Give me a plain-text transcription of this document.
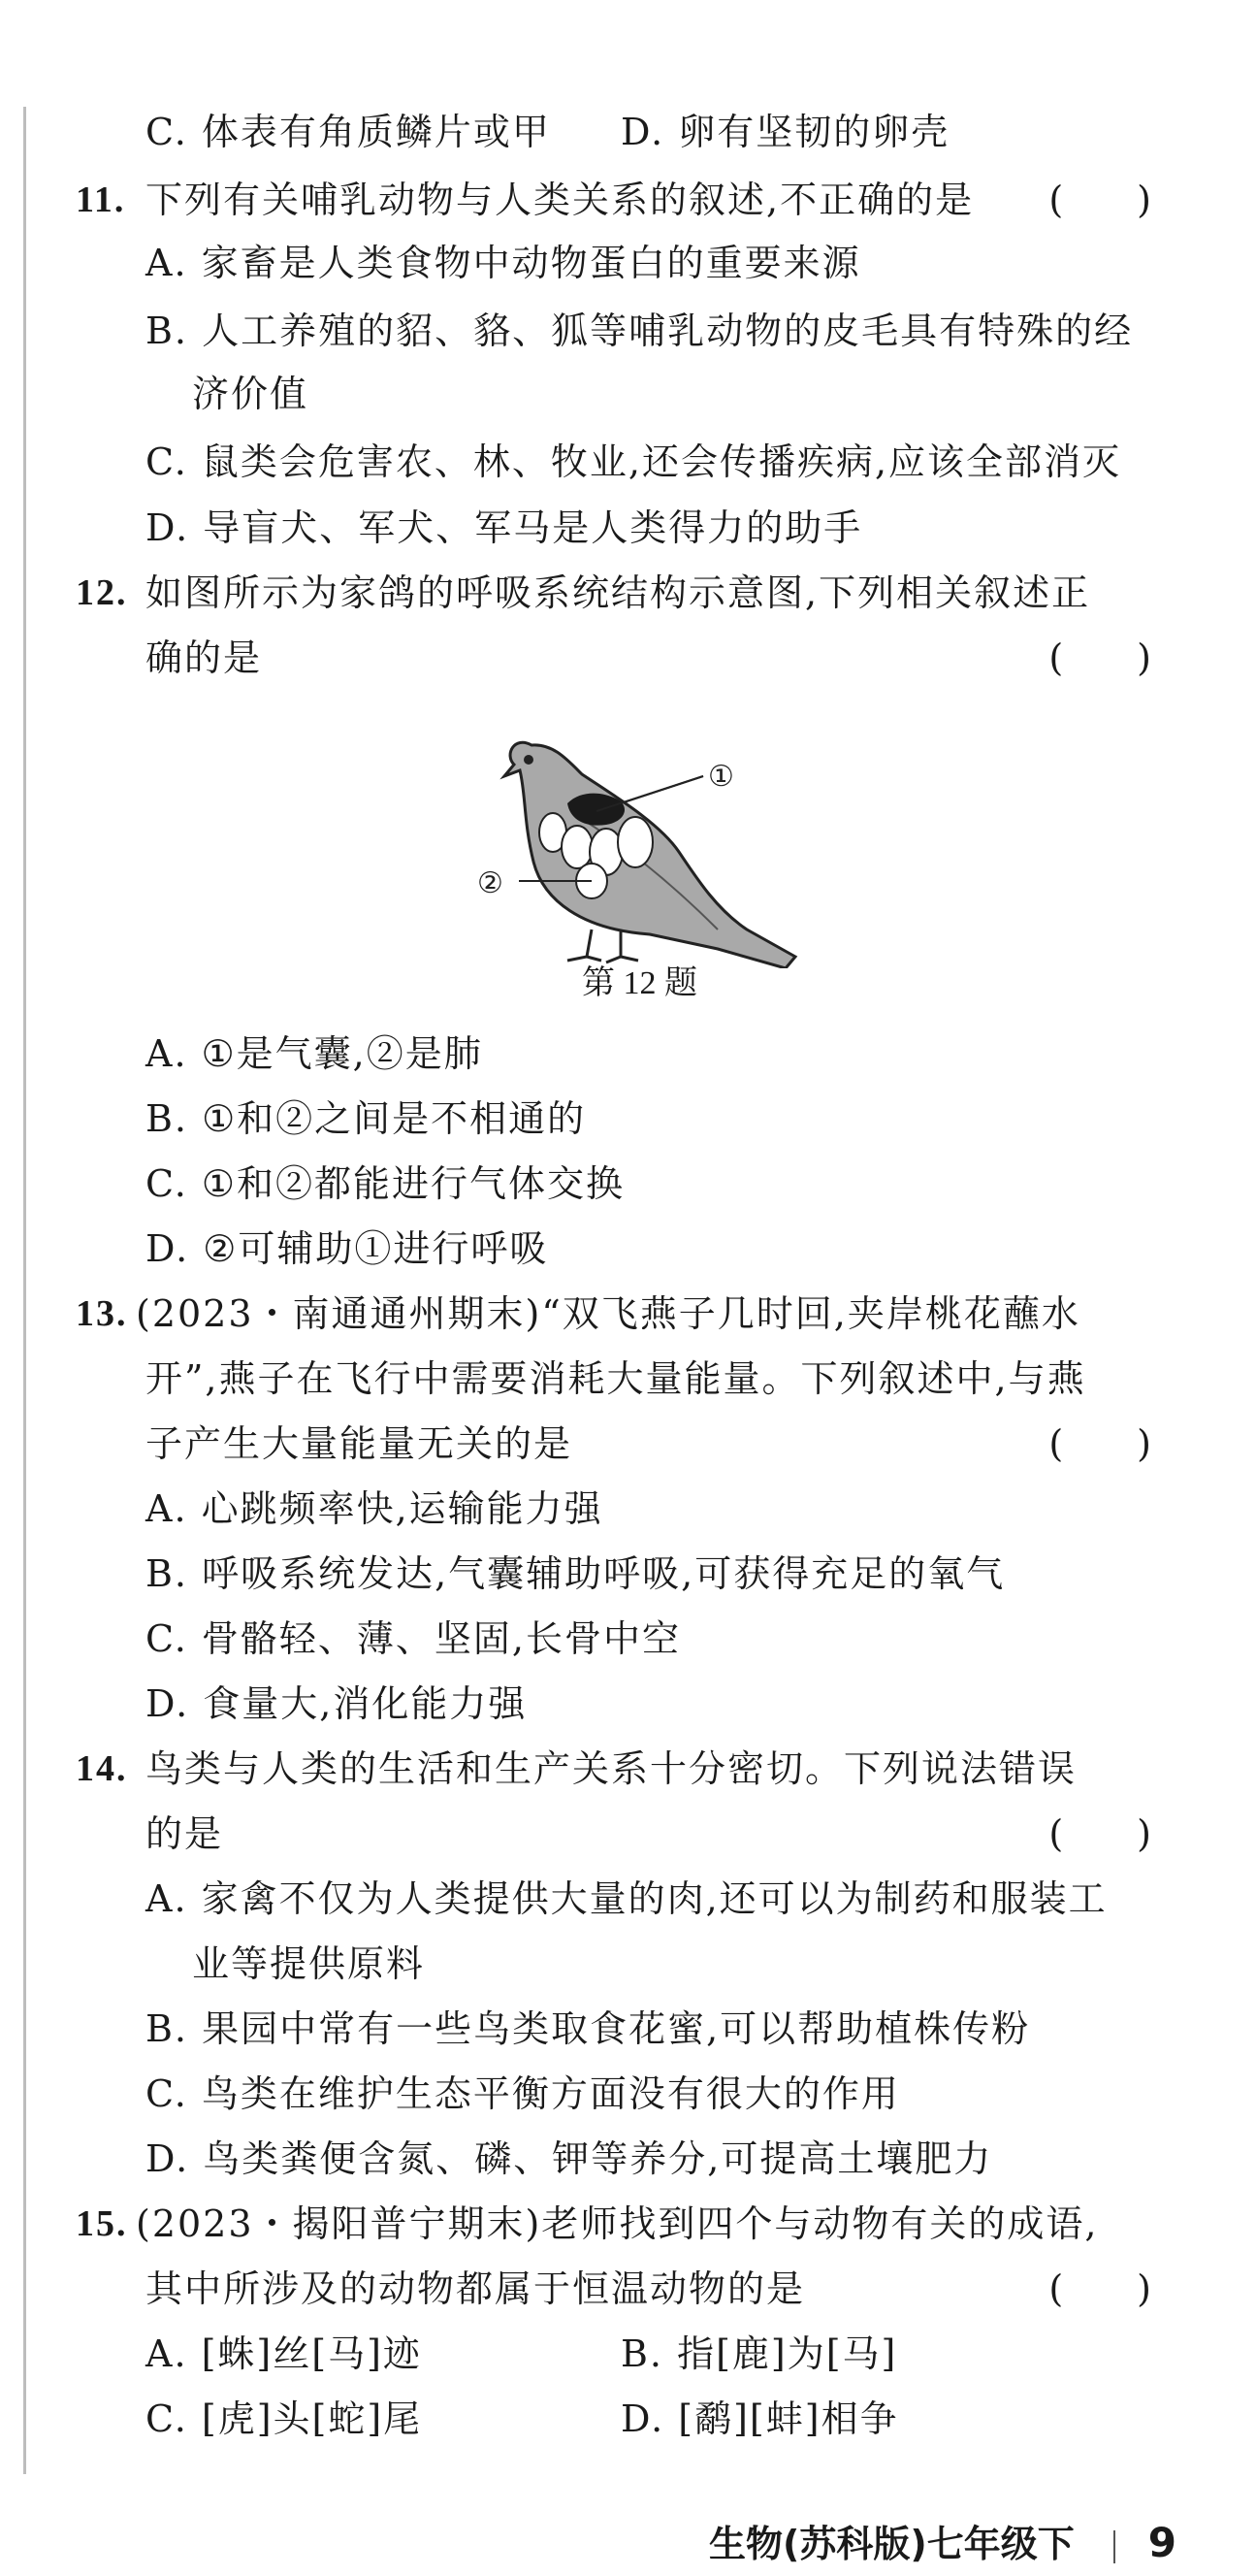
C. 体表有角质鳞片或甲 D. 卵有坚韧的卵壳
11. 下列有关哺乳动物与人类关系的叙述,不正确的是 (　　)
A. 家畜是人类食物中动物蛋白的重要来源
B. 人工养殖的貂、貉、狐等哺乳动物的皮毛具有特殊的经
济价值
C. 鼠类会危害农、林、牧业,还会传播疾病,应该全部消灭
D. 导盲犬、军犬、军马是人类得力的助手
12. 如图所示为家鸽的呼吸系统结构示意图,下列相关叙述正
确的是	(　　)
①
②
第 12 题
A. ①是气囊,②是肺
B. ①和②之间是不相通的
C. ①和②都能进行气体交换
D. ②可辅助①进行呼吸
13. (2023・南通通州期末)“双飞燕子几时回,夹岸桃花蘸水
开”,燕子在飞行中需要消耗大量能量。下列叙述中,与燕
子产生大量能量无关的是	(　　)
A. 心跳频率快,运输能力强
B. 呼吸系统发达,气囊辅助呼吸,可获得充足的氧气
C. 骨骼轻、薄、坚固,长骨中空
D. 食量大,消化能力强
14. 鸟类与人类的生活和生产关系十分密切。下列说法错误
的是	(　　)
A. 家禽不仅为人类提供大量的肉,还可以为制药和服装工
业等提供原料
B. 果园中常有一些鸟类取食花蜜,可以帮助植株传粉
C. 鸟类在维护生态平衡方面没有很大的作用
D. 鸟类粪便含氮、磷、钾等养分,可提高土壤肥力
15. (2023・揭阳普宁期末)老师找到四个与动物有关的成语,
其中所涉及的动物都属于恒温动物的是	(　　)
A. [蛛]丝[马]迹	B. 指[鹿]为[马]
C. [虎]头[蛇]尾	D. [鹬][蚌]相争
生物(苏科版)七年级下 9
